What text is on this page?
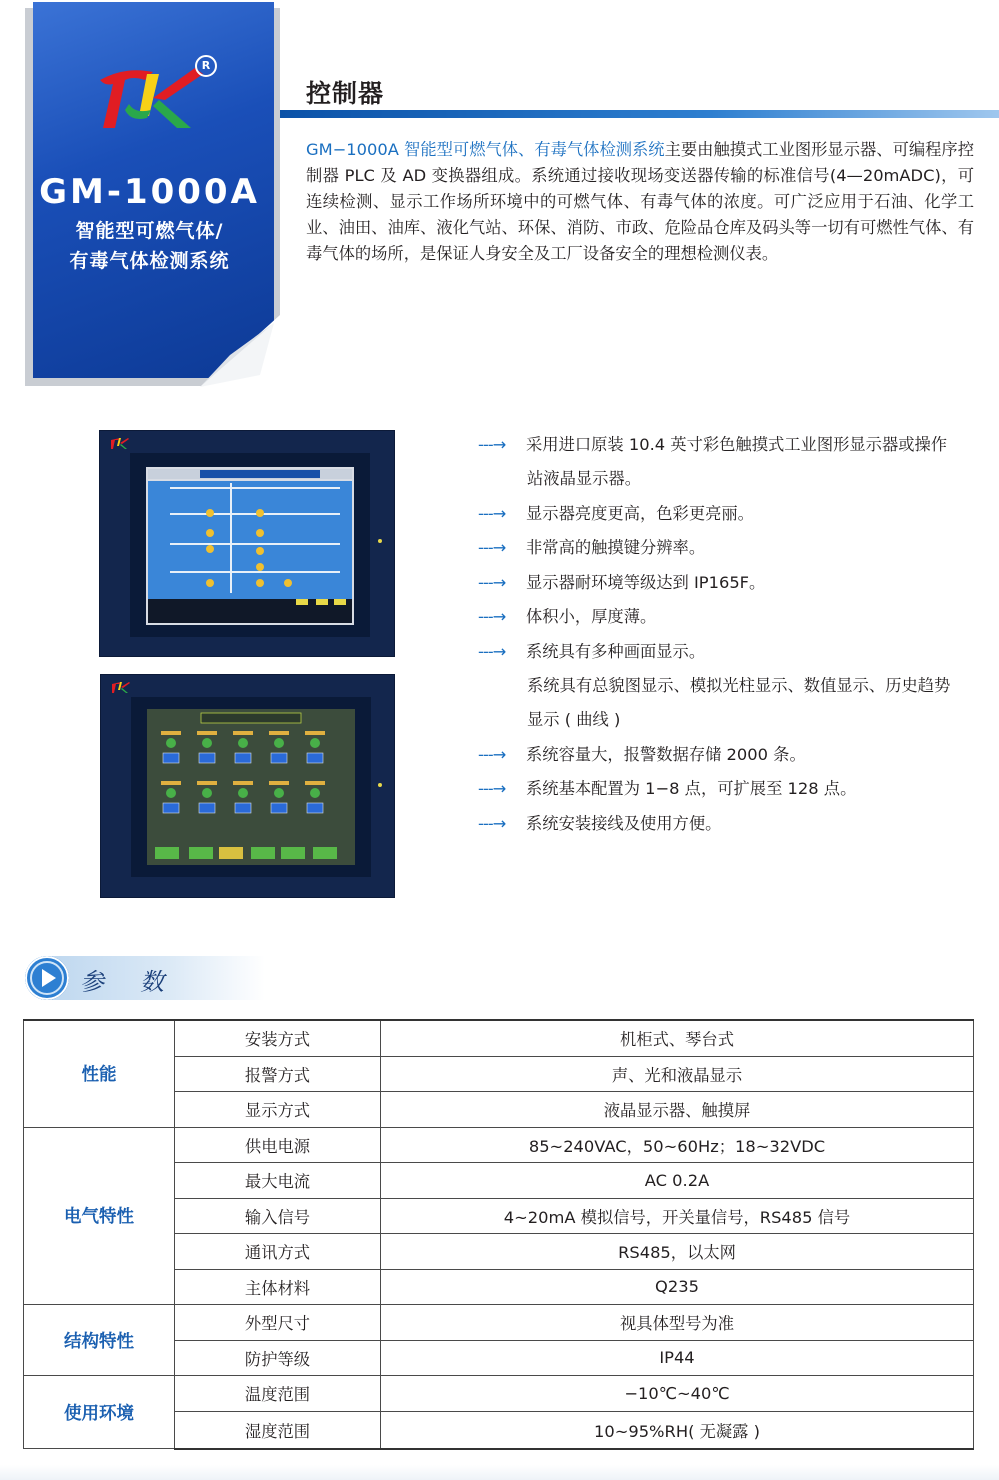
R
GM-1000A
智能型可燃气体/
有毒气体检测系统
控制器
GM−1000A 智能型可燃气体、有毒气体检测系统主要由触摸式工业图形显示器、可编程序控制器 PLC 及 AD 变换器组成。系统通过接收现场变送器传输的标准信号(4—20mADC)，可连续检测、显示工作场所环境中的可燃气体、有毒气体的浓度。可广泛应用于石油、化学工业、油田、油库、液化气站、环保、消防、市政、危险品仓库及码头等一切有可燃性气体、有毒气体的场所，是保证人身安全及工厂设备安全的理想检测仪表。
---→ 采用进口原装 10.4 英寸彩色触摸式工业图形显示器或操作
站液晶显示器。
---→ 显示器亮度更高，色彩更亮丽。
---→ 非常高的触摸键分辨率。
---→ 显示器耐环境等级达到 IP165F。
---→ 体积小，厚度薄。
---→ 系统具有多种画面显示。
系统具有总貌图显示、模拟光柱显示、数值显示、历史趋势
显示 ( 曲线 )
---→ 系统容量大，报警数据存储 2000 条。
---→ 系统基本配置为 1−8 点，可扩展至 128 点。
---→ 系统安装接线及使用方便。
参　数
性能	安装方式	机柜式、琴台式
	报警方式	声、光和液晶显示
	显示方式	液晶显示器、触摸屏
电气特性	供电电源	85~240VAC，50~60Hz；18~32VDC
	最大电流	AC 0.2A
	输入信号	4~20mA 模拟信号，开关量信号，RS485 信号
	通讯方式	RS485，以太网
	主体材料	Q235
结构特性	外型尺寸	视具体型号为准
	防护等级	IP44
使用环境	温度范围	−10℃~40℃
	湿度范围	10~95%RH( 无凝露 )
